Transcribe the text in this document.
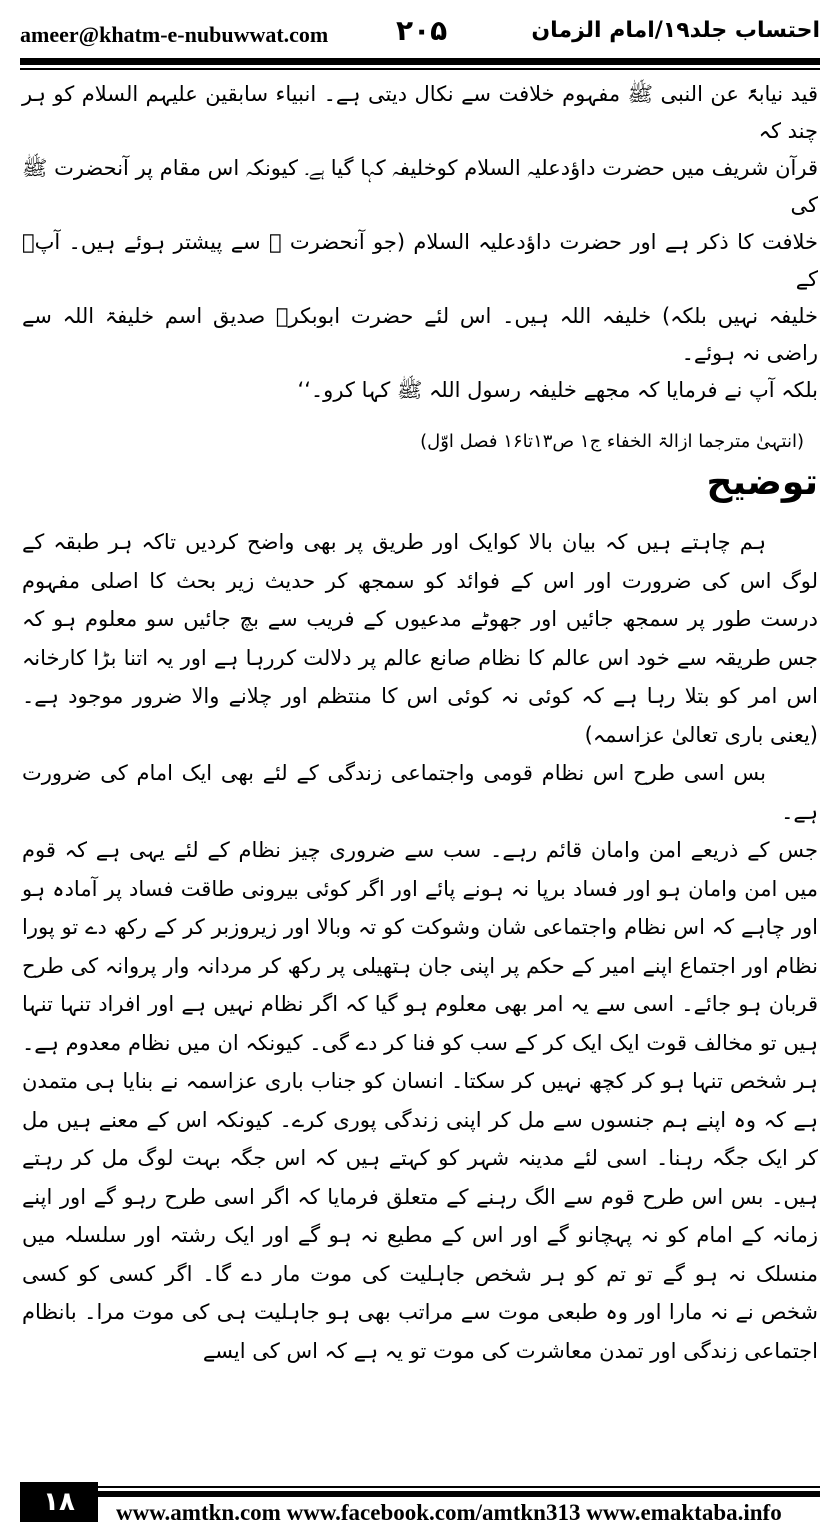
ameer@khatm-e-nubuwwat.com ۲۰۵	احتساب جلد۱۹/امام الزمان

قید نیابۃً عن النبی ﷺ مفہوم خلافت سے نکال دیتی ہے۔ انبیاء سابقین علیہم السلام کو ہر چند کہ

قرآن شریف میں حضرت داؤدعلیہ السلام کوخلیفہ کہا گیا ہے۔ کیونکہ اس مقام پر آنحضرت ﷺ کی

خلافت کا ذکر ہے اور حضرت داؤدعلیہ السلام (جو آنحضرت ﷺ سے پیشتر ہوئے ہیں۔ آپؐ کے

خلیفہ نہیں بلکہ) خلیفہ اللہ ہیں۔ اس لئے حضرت ابوبکرؓ صدیق اسم خلیفۃ اللہ سے راضی نہ ہوئے۔

بلکہ آپ نے فرمایا کہ مجھے خلیفہ رسول اللہ ﷺ کہا کرو۔‘‘

(انتہیٰ مترجما ازالۃ الخفاء ج۱ ص۱۳تا۱۶ فصل اوّل)

توضیح

ہم چاہتے ہیں کہ بیان بالا کوایک اور طریق پر بھی واضح کردیں تاکہ ہر طبقہ کے لوگ اس کی ضرورت اور اس کے فوائد کو سمجھ کر حدیث زیر بحث کا اصلی مفہوم درست طور پر سمجھ جائیں اور جھوٹے مدعیوں کے فریب سے بچ جائیں سو معلوم ہو کہ جس طریقہ سے خود اس عالم کا نظام صانع عالم پر دلالت کررہا ہے اور یہ اتنا بڑا کارخانہ اس امر کو بتلا رہا ہے کہ کوئی نہ کوئی اس کا منتظم اور چلانے والا ضرور موجود ہے۔ (یعنی باری تعالیٰ عزاسمہ)

بس اسی طرح اس نظام قومی واجتماعی زندگی کے لئے بھی ایک امام کی ضرورت ہے۔

جس کے ذریعے امن وامان قائم رہے۔ سب سے ضروری چیز نظام کے لئے یہی ہے کہ قوم میں امن وامان ہو اور فساد برپا نہ ہونے پائے اور اگر کوئی بیرونی طاقت فساد پر آمادہ ہو اور چاہے کہ اس نظام واجتماعی شان وشوکت کو تہ وبالا اور زیروزبر کر کے رکھ دے تو پورا نظام اور اجتماع اپنے امیر کے حکم پر اپنی جان ہتھیلی پر رکھ کر مردانہ وار پروانہ کی طرح قربان ہو جائے۔ اسی سے یہ امر بھی معلوم ہو گیا کہ اگر نظام نہیں ہے اور افراد تنہا تنہا ہیں تو مخالف قوت ایک ایک کر کے سب کو فنا کر دے گی۔ کیونکہ ان میں نظام معدوم ہے۔ ہر شخص تنہا ہو کر کچھ نہیں کر سکتا۔ انسان کو جناب باری عزاسمہ نے بنایا ہی متمدن ہے کہ وہ اپنے ہم جنسوں سے مل کر اپنی زندگی پوری کرے۔ کیونکہ اس کے معنے ہیں مل کر ایک جگہ رہنا۔ اسی لئے مدینہ شہر کو کہتے ہیں کہ اس جگہ بہت لوگ مل کر رہتے ہیں۔ بس اس طرح قوم سے الگ رہنے کے متعلق فرمایا کہ اگر اسی طرح رہو گے اور اپنے زمانہ کے امام کو نہ پہچانو گے اور اس کے مطیع نہ ہو گے اور ایک رشتہ اور سلسلہ میں منسلک نہ ہو گے تو تم کو ہر شخص جاہلیت کی موت مار دے گا۔ اگر کسی کو کسی شخص نے نہ مارا اور وہ طبعی موت سے مراتب بھی ہو جاہلیت ہی کی موت مرا۔ بانظام اجتماعی زندگی اور تمدن معاشرت کی موت تو یہ ہے کہ اس کی ایسے

۱۸	www.amtkn.com www.facebook.com/amtkn313 www.emaktaba.info
